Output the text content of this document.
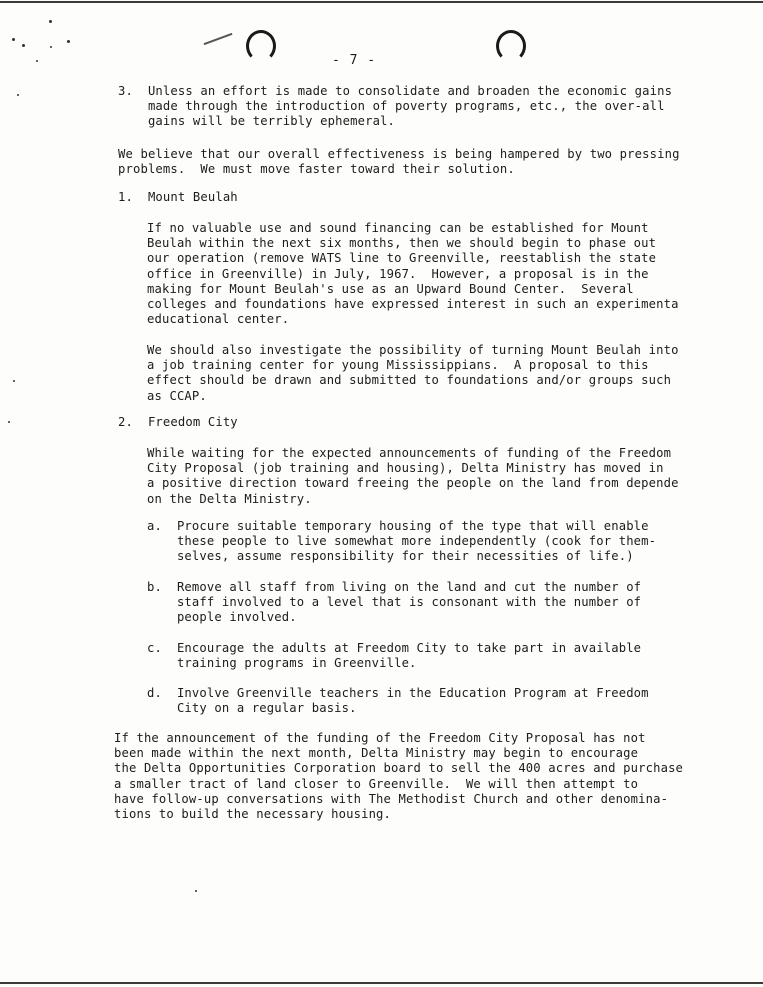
- 7 -
3.  Unless an effort is made to consolidate and broaden the economic gains
made through the introduction of poverty programs, etc., the over-all
gains will be terribly ephemeral.
We believe that our overall effectiveness is being hampered by two pressing
problems.  We must move faster toward their solution.
1.  Mount Beulah
If no valuable use and sound financing can be established for Mount
Beulah within the next six months, then we should begin to phase out
our operation (remove WATS line to Greenville, reestablish the state
office in Greenville) in July, 1967.  However, a proposal is in the
making for Mount Beulah's use as an Upward Bound Center.  Several
colleges and foundations have expressed interest in such an experimenta
educational center.
We should also investigate the possibility of turning Mount Beulah into
a job training center for young Mississippians.  A proposal to this
effect should be drawn and submitted to foundations and/or groups such
as CCAP.
2.  Freedom City
While waiting for the expected announcements of funding of the Freedom
City Proposal (job training and housing), Delta Ministry has moved in
a positive direction toward freeing the people on the land from depende
on the Delta Ministry.
a.  Procure suitable temporary housing of the type that will enable
these people to live somewhat more independently (cook for them-
selves, assume responsibility for their necessities of life.)
b.  Remove all staff from living on the land and cut the number of
staff involved to a level that is consonant with the number of
people involved.
c.  Encourage the adults at Freedom City to take part in available
training programs in Greenville.
d.  Involve Greenville teachers in the Education Program at Freedom
City on a regular basis.
If the announcement of the funding of the Freedom City Proposal has not
been made within the next month, Delta Ministry may begin to encourage
the Delta Opportunities Corporation board to sell the 400 acres and purchase
a smaller tract of land closer to Greenville.  We will then attempt to
have follow-up conversations with The Methodist Church and other denomina-
tions to build the necessary housing.
